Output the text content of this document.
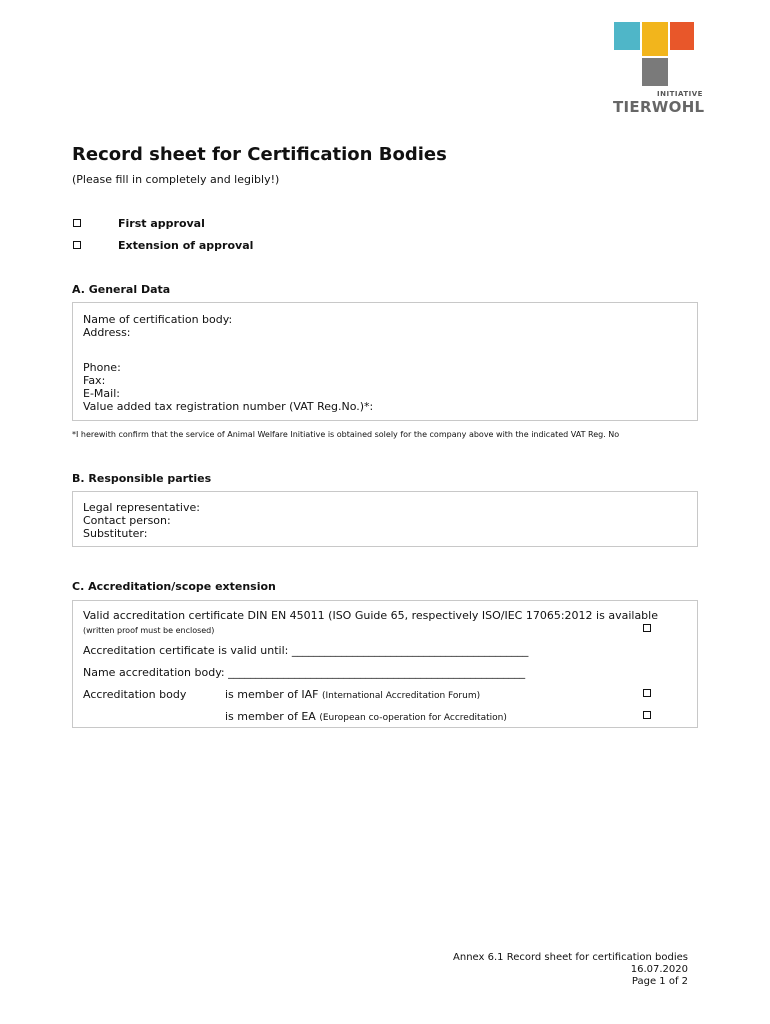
INITIATIVE
TIERWOHL
Record sheet for Certification Bodies
(Please fill in completely and legibly!)
First approval
Extension of approval
A. General Data
Name of certification body:
Address:
Phone:
Fax:
E-Mail:
Value added tax registration number (VAT Reg.No.)*:
*I herewith confirm that the service of Animal Welfare Initiative is obtained solely for the company above with the indicated VAT Reg. No
B. Responsible parties
Legal representative:
Contact person:
Substituter:
C. Accreditation/scope extension
Valid accreditation certificate DIN EN 45011 (ISO Guide 65, respectively ISO/IEC 17065:2012 is available
(written proof must be enclosed)
Accreditation certificate is valid until: ___________________________________________
Name accreditation body: ______________________________________________________
Accreditation body	is member of IAF (International Accreditation Forum)
is member of EA (European co-operation for Accreditation)
Annex 6.1 Record sheet for certification bodies
16.07.2020
Page 1 of 2
